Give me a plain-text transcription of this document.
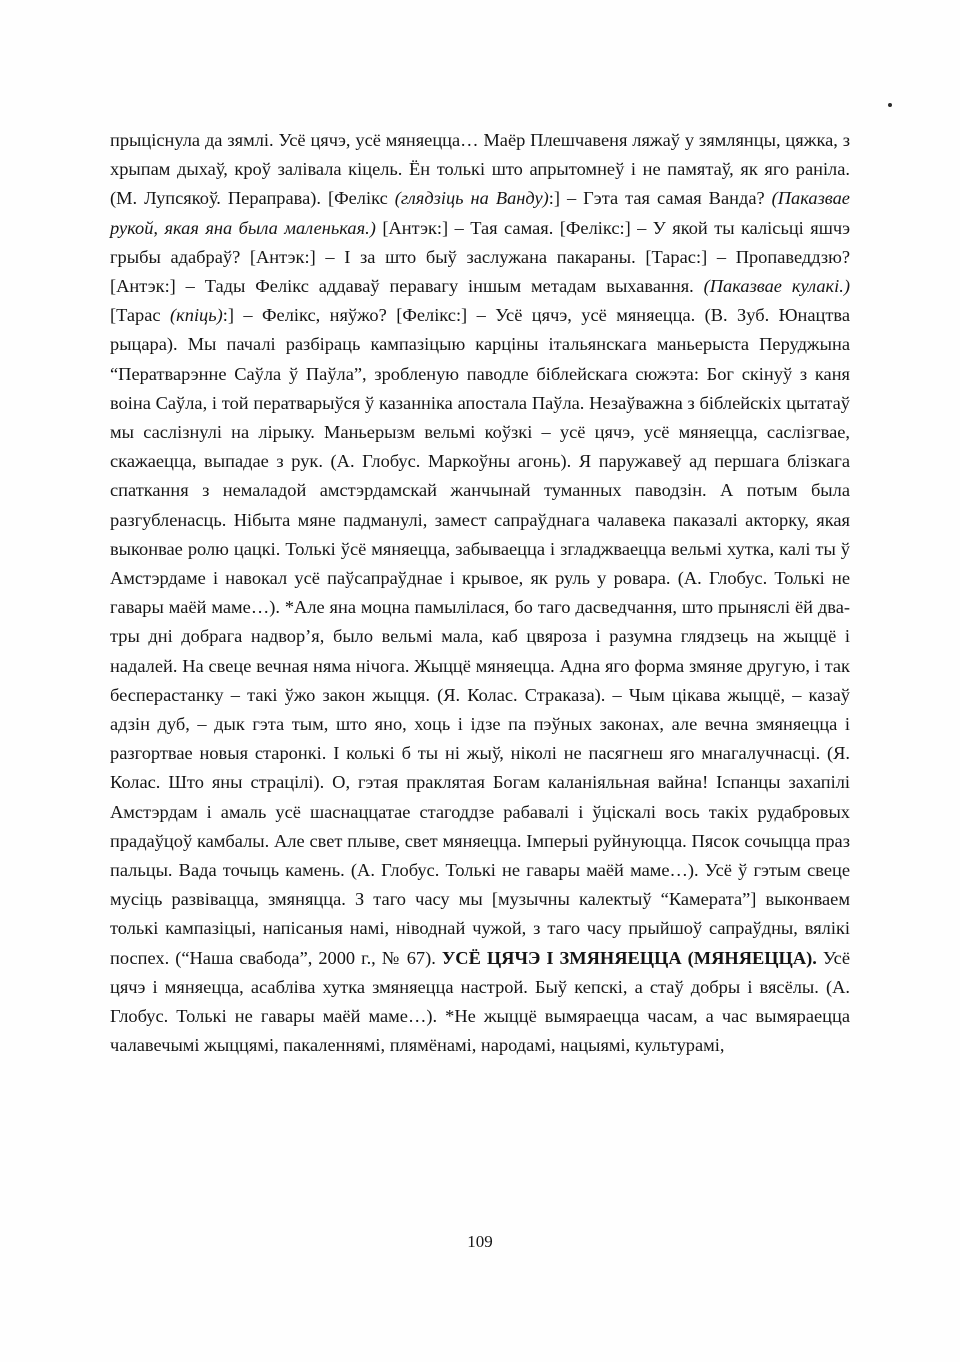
прыціснула да зямлі. Усё цячэ, усё мяняецца… Маёр Плешчавеня ляжаў у зямлянцы, цяжка, з хрыпам дыхаў, кроў залівала кіцель. Ён толькі што апрытомнеў і не памятаў, як яго раніла. (М. Лупсякоў. Пераправа). [Фелікс (глядзіць на Ванду):] – Гэта тая самая Ванда? (Паказвае рукой, якая яна была маленькая.) [Антэк:] – Тая самая. [Фелікс:] – У якой ты калісьці яшчэ грыбы адабраў? [Антэк:] – І за што быў заслужана пакараны. [Тарас:] – Пропаведдзю? [Антэк:] – Тады Фелікс аддаваў перавагу іншым метадам выхавання. (Паказвае кулакі.) [Тарас (кпіць):] – Фелікс, няўжо? [Фелікс:] – Усё цячэ, усё мяняецца. (В. Зуб. Юнацтва рыцара). Мы пачалі разбіраць кампазіцыю карціны італьянскага маньерыста Перуджына “Ператварэнне Саўла ў Паўла”, зробленую паводле біблейскага сюжэта: Бог скінуў з каня воіна Саўла, і той ператварыўся ў казанніка апостала Паўла. Незаўважна з біблейскіх цытатаў мы саслізнулі на лірыку. Маньерызм вельмі коўзкі – усё цячэ, усё мяняецца, саслізгвае, скажаецца, выпадае з рук. (А. Глобус. Маркоўны агонь). Я паружавеў ад першага блізкага спаткання з немаладой амстэрдамскай жанчынай туманных паводзін. А потым была разгубленасць. Нібыта мяне падманулі, замест сапраўднага чалавека паказалі акторку, якая выконвае ролю цацкі. Толькі ўсё мяняецца, забываецца і згладжваецца вельмі хутка, калі ты ў Амстэрдаме і навокал усё паўсапраўднае і крывое, як руль у ровара. (А. Глобус. Толькі не гавары маёй маме…). *Але яна моцна памылілася, бо таго дасведчання, што прыняслі ёй два-тры дні добрага надвор’я, было вельмі мала, каб цвяроза і разумна глядзець на жыццё і надалей. На свеце вечная няма нічога. Жыццё мяняецца. Адна яго форма змяняе другую, і так бесперастанку – такі ўжо закон жыцця. (Я. Колас. Страказа). – Чым цікава жыццё, – казаў адзін дуб, – дык гэта тым, што яно, хоць і ідзе па пэўных законах, але вечна змяняецца і разгортвае новыя старонкі. І колькі б ты ні жыў, ніколі не пасягнеш яго мнагалучнасці. (Я. Колас. Што яны страцілі). О, гэтая праклятая Богам каланіяльная вайна! Іспанцы захапілі Амстэрдам і амаль усё шаснаццатае стагоддзе рабавалі і ўціскалі вось такіх рудабровых прадаўцоў камбалы. Але свет плыве, свет мяняецца. Імперыі руйнуюцца. Пясок сочыцца праз пальцы. Вада точыць камень. (А. Глобус. Толькі не гавары маёй маме…). Усё ў гэтым свеце мусіць развівацца, змяняцца. З таго часу мы [музычны калектыў “Камерата”] выконваем толькі кампазіцыі, напісаныя намі, ніводнай чужой, з таго часу прыйшоў сапраўдны, вялікі поспех. (“Наша свабода”, 2000 г., № 67). УСЁ ЦЯЧЭ І ЗМЯНЯЕЦЦА (МЯНЯЕЦЦА). Усё цячэ і мяняецца, асабліва хутка змяняецца настрой. Быў кепскі, а стаў добры і вясёлы. (А. Глобус. Толькі не гавары маёй маме…). *Не жыццё вымяраецца часам, а час вымяраецца чалавечымі жыццямі, пакаленнямі, плямёнамі, народамі, нацыямі, культурамі,

109
